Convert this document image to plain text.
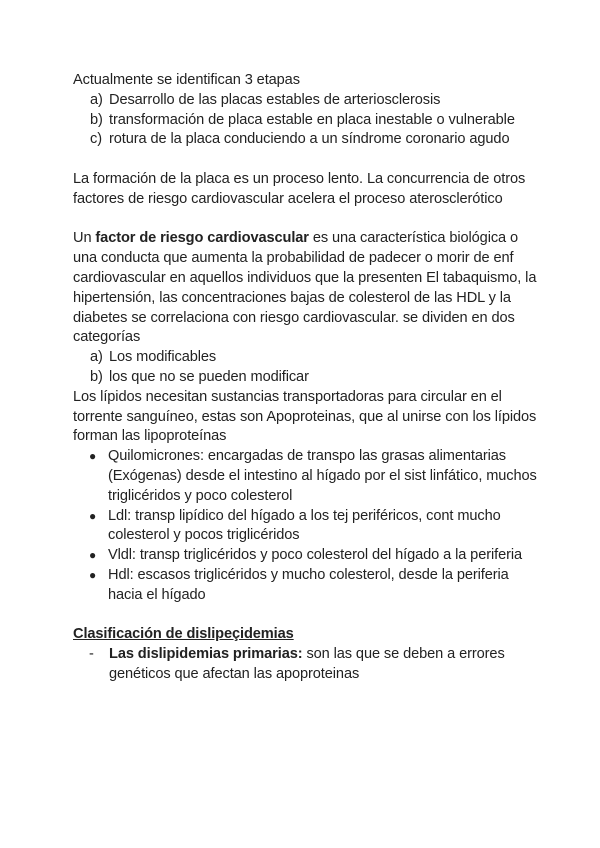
Actualmente se identifican 3 etapas

a) Desarrollo de las placas estables de arteriosclerosis
b) transformación de placa estable en placa inestable o vulnerable
c) rotura de la placa conduciendo a un síndrome coronario agudo

La formación de la placa es un proceso lento. La concurrencia de otros factores de riesgo cardiovascular acelera el proceso aterosclerótico

Un factor de riesgo cardiovascular es una característica biológica o una conducta que aumenta la probabilidad de padecer o morir de enf cardiovascular en aquellos individuos que la presenten El tabaquismo, la hipertensión, las concentraciones bajas de colesterol de las HDL y la diabetes se correlaciona con riesgo cardiovascular. se dividen en dos categorías

a) Los modificables
b) los que no se pueden modificar

Los lípidos necesitan sustancias transportadoras para circular en el torrente sanguíneo, estas son Apoproteinas, que al unirse con los lípidos forman las lipoproteínas

● Quilomicrones: encargadas de transpo las grasas alimentarias (Exógenas) desde el intestino al hígado por el sist linfático, muchos triglicéridos y poco colesterol
● Ldl: transp lipídico del hígado a los tej periféricos, cont mucho colesterol y pocos triglicéridos
● Vldl: transp triglicéridos y poco colesterol del hígado a la periferia
● Hdl: escasos triglicéridos y mucho colesterol, desde la periferia hacia el hígado

Clasificación de dislipeçidemias

-	Las dislipidemias primarias: son las que se deben a errores genéticos que afectan las apoproteinas
